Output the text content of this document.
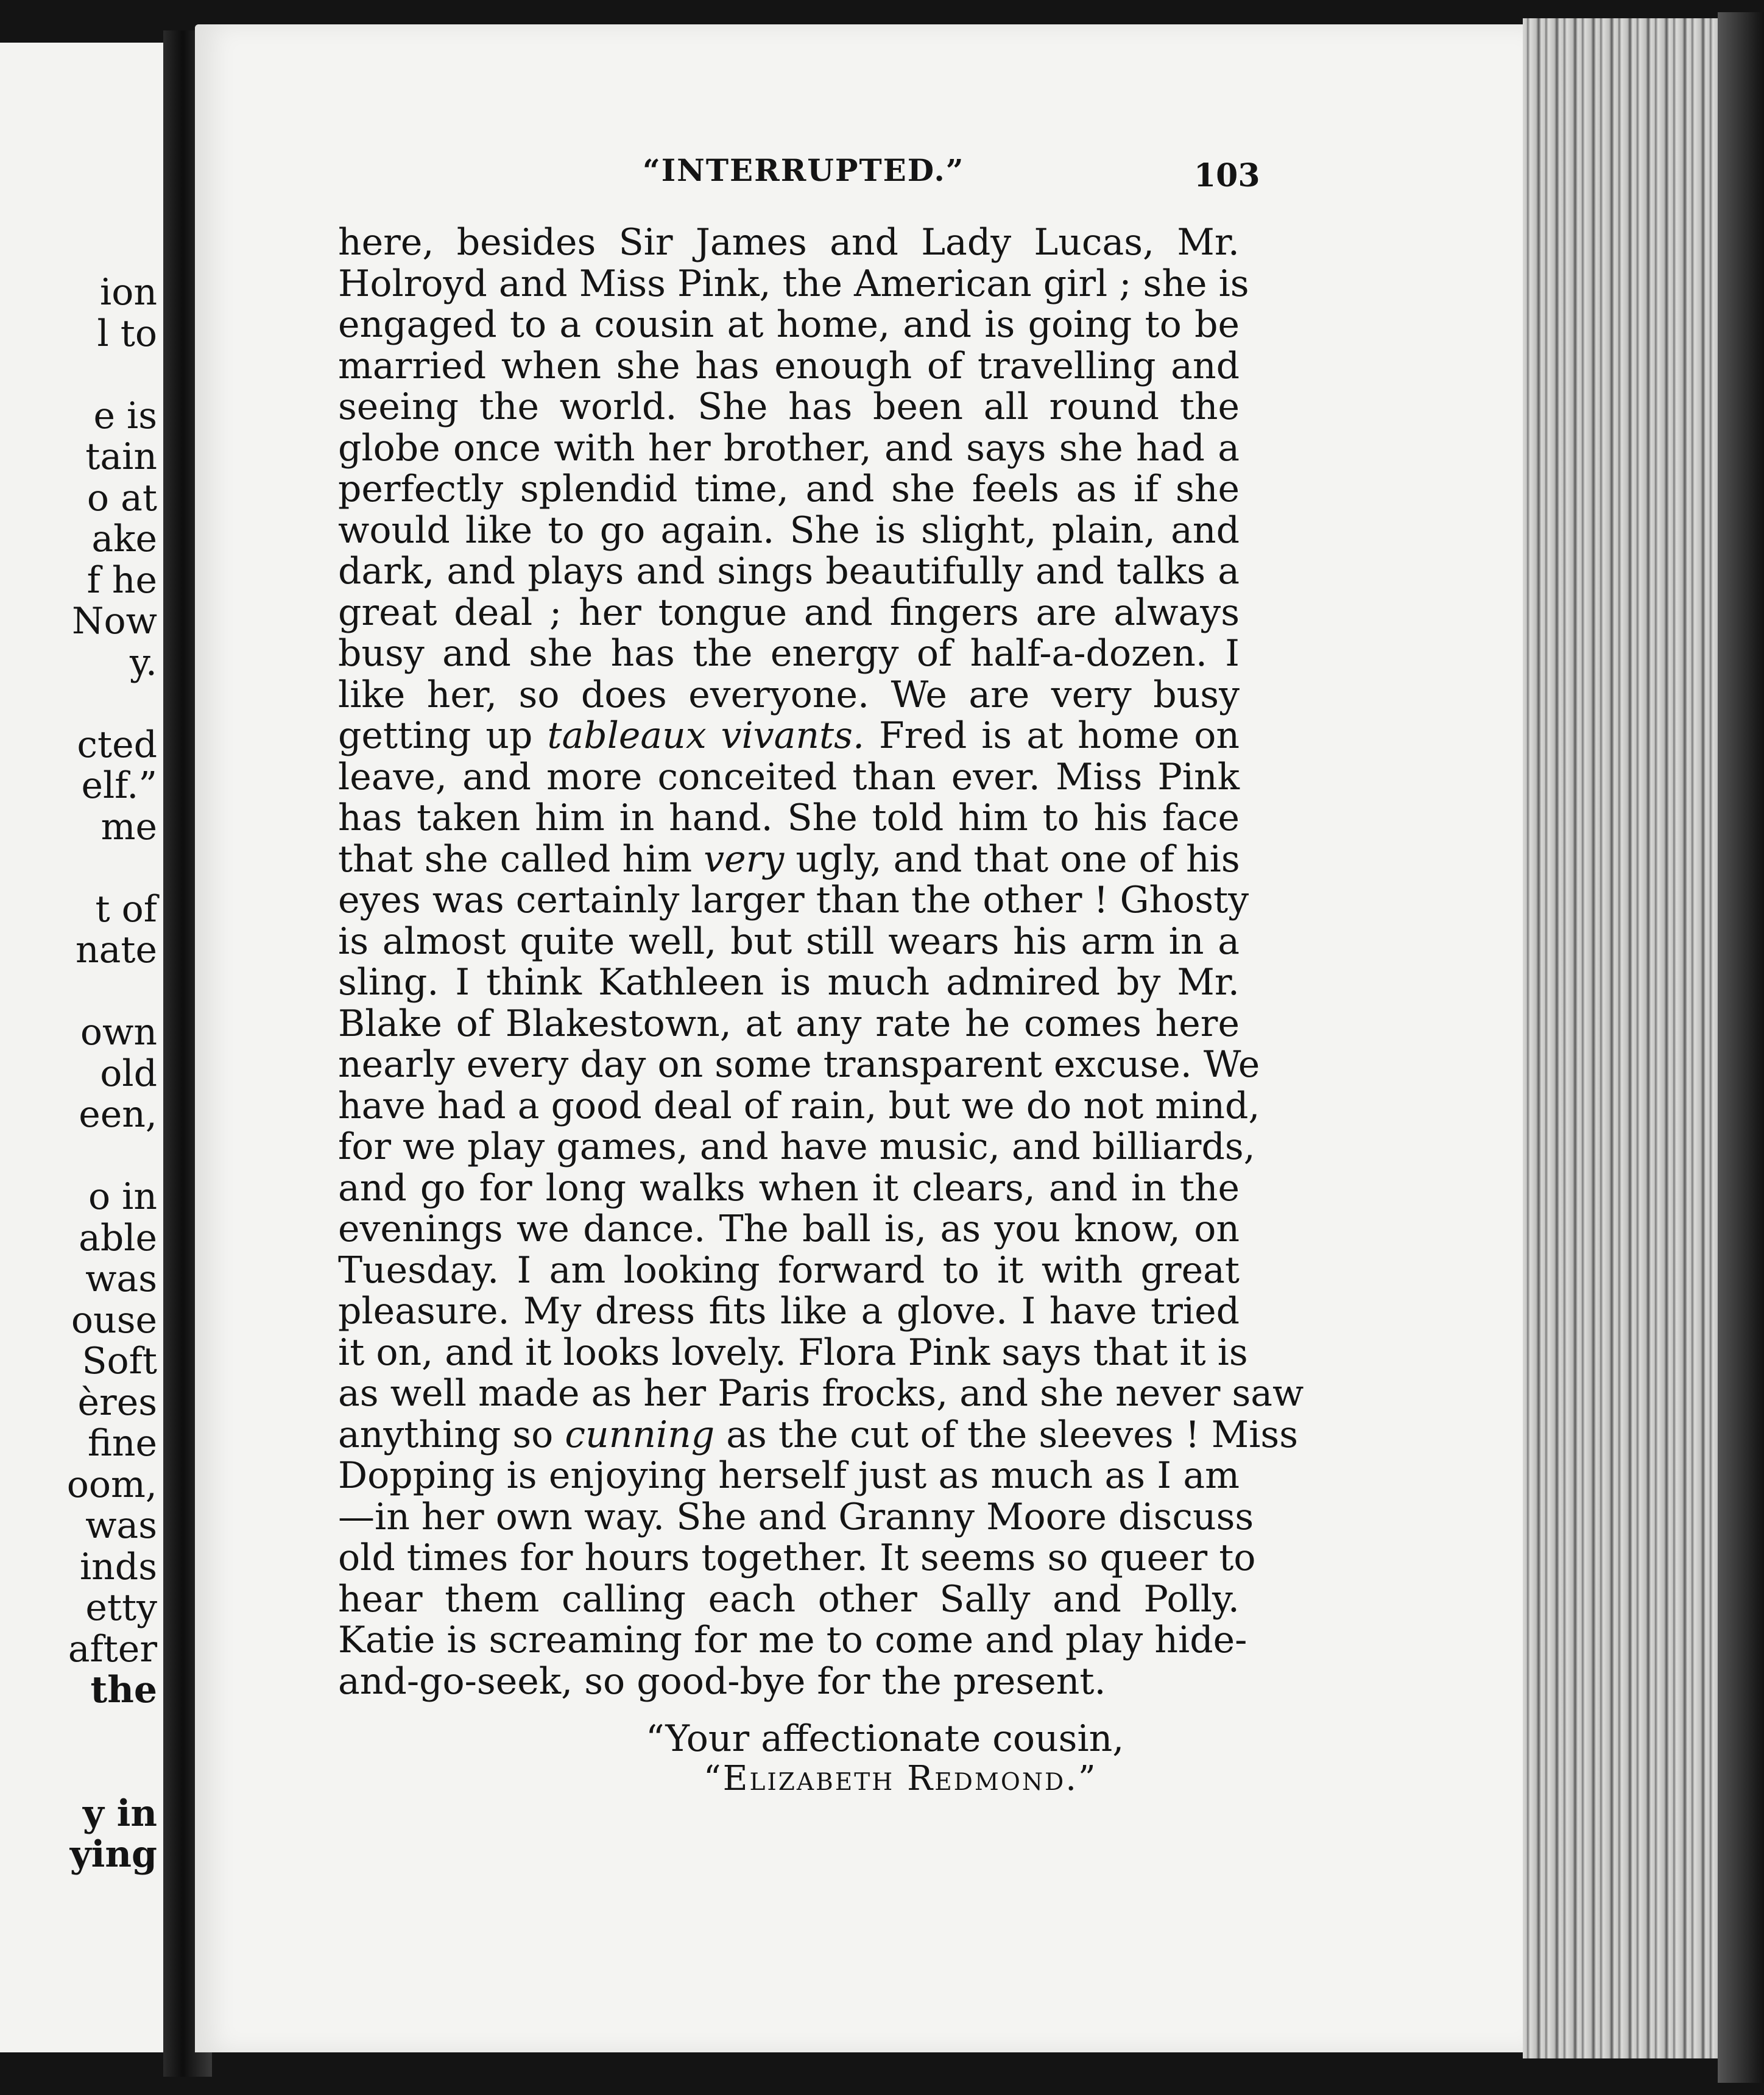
ion
l to
e is
tain
o at
ake
f he
Now
y.
cted
elf.”
me
t of
nate
own
old
een,
o in
able
was
ouse
Soft
ères
fine
oom,
was
inds
etty
after
the
y in
ying
“INTERRUPTED.”	103
here, besides Sir James and Lady Lucas, Mr.
Holroyd and Miss Pink, the American girl ; she is
engaged to a cousin at home, and is going to be
married when she has enough of travelling and
seeing the world. She has been all round the
globe once with her brother, and says she had a
perfectly splendid time, and she feels as if she
would like to go again. She is slight, plain, and
dark, and plays and sings beautifully and talks a
great deal ; her tongue and fingers are always
busy and she has the energy of half-a-dozen. I
like her, so does everyone. We are very busy
getting up tableaux vivants. Fred is at home on
leave, and more conceited than ever. Miss Pink
has taken him in hand. She told him to his face
that she called him very ugly, and that one of his
eyes was certainly larger than the other ! Ghosty
is almost quite well, but still wears his arm in a
sling. I think Kathleen is much admired by Mr.
Blake of Blakestown, at any rate he comes here
nearly every day on some transparent excuse. We
have had a good deal of rain, but we do not mind,
for we play games, and have music, and billiards,
and go for long walks when it clears, and in the
evenings we dance. The ball is, as you know, on
Tuesday. I am looking forward to it with great
pleasure. My dress fits like a glove. I have tried
it on, and it looks lovely. Flora Pink says that it is
as well made as her Paris frocks, and she never saw
anything so cunning as the cut of the sleeves ! Miss
Dopping is enjoying herself just as much as I am
—in her own way. She and Granny Moore discuss
old times for hours together. It seems so queer to
hear them calling each other Sally and Polly.
Katie is screaming for me to come and play hide-
and-go-seek, so good-bye for the present.
“Your affectionate cousin,
“Elizabeth Redmond.”
